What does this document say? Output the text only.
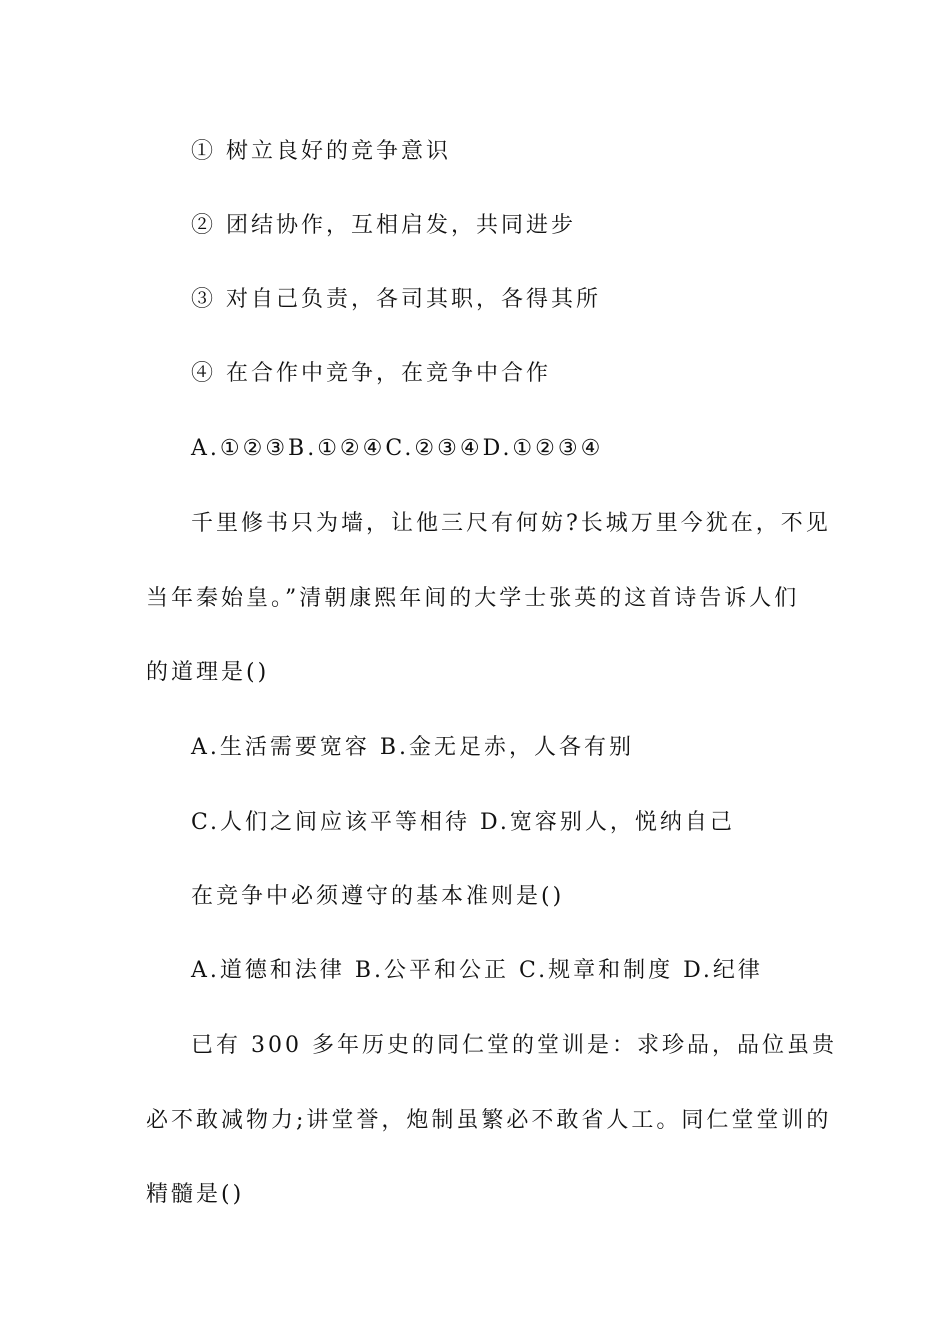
① 树立良好的竞争意识
② 团结协作，互相启发，共同进步
③ 对自己负责，各司其职，各得其所
④ 在合作中竞争，在竞争中合作
A.①②③B.①②④C.②③④D.①②③④
千里修书只为墙，让他三尺有何妨?长城万里今犹在，不见
当年秦始皇。”清朝康熙年间的大学士张英的这首诗告诉人们
的道理是()
A.生活需要宽容 B.金无足赤，人各有别
C.人们之间应该平等相待 D.宽容别人，悦纳自己
在竞争中必须遵守的基本准则是()
A.道德和法律 B.公平和公正 C.规章和制度 D.纪律
已有 300 多年历史的同仁堂的堂训是：求珍品，品位虽贵
必不敢减物力;讲堂誉，炮制虽繁必不敢省人工。同仁堂堂训的
精髓是()
